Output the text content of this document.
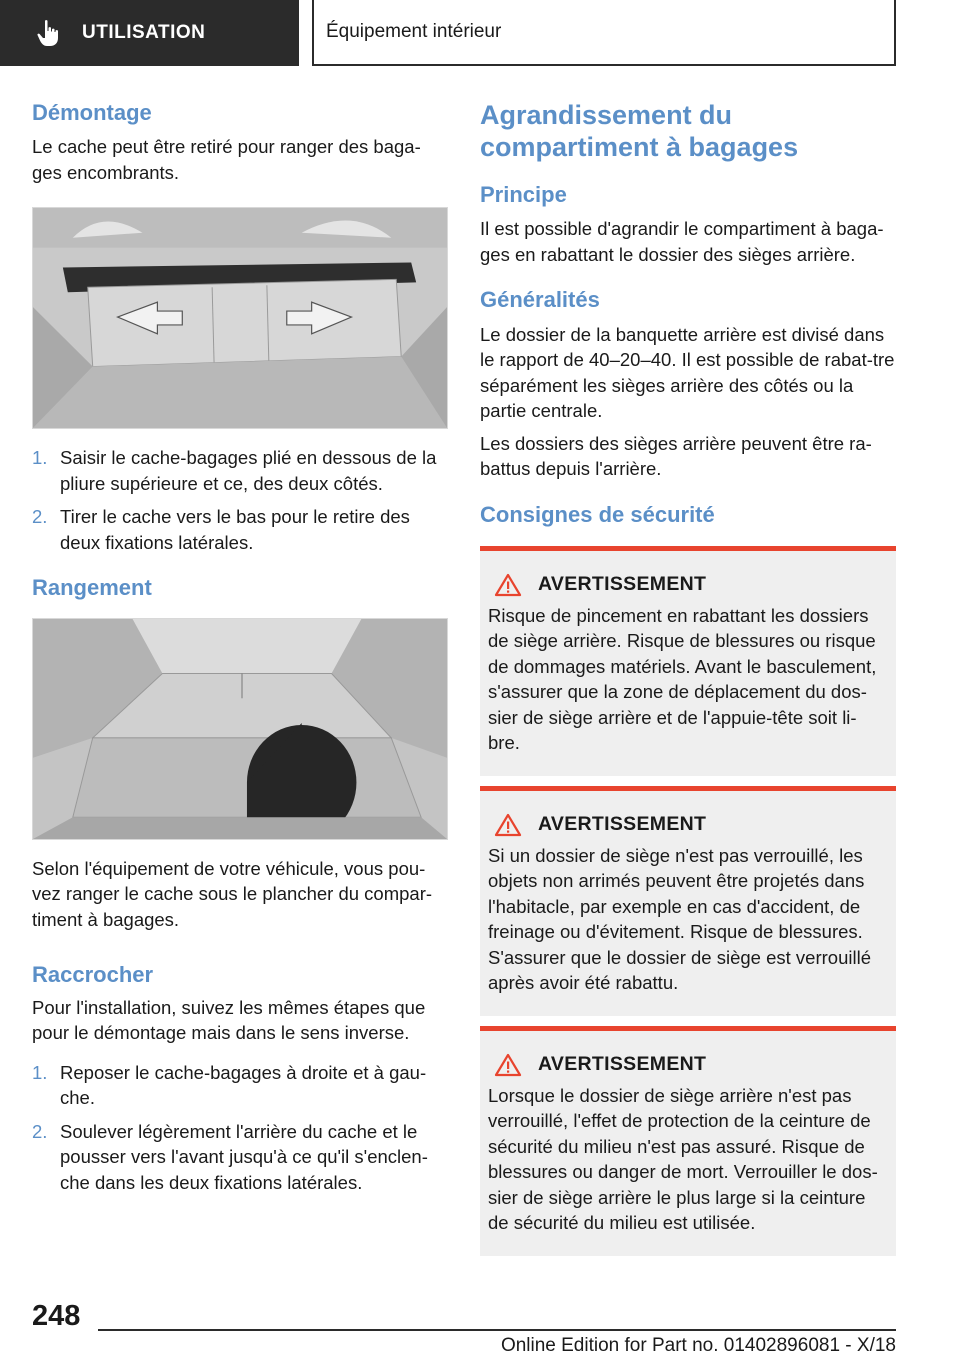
UTILISATION	Équipement intérieur
Démontage

Le cache peut être retiré pour ranger des baga-ges encombrants.

1. Saisir le cache-bagages plié en dessous de la pliure supérieure et ce, des deux côtés.
2. Tirer le cache vers le bas pour le retire des deux fixations latérales.
Rangement

Selon l'équipement de votre véhicule, vous pou-vez ranger le cache sous le plancher du compar-timent à bagages.

Raccrocher

Pour l'installation, suivez les mêmes étapes que pour le démontage mais dans le sens inverse.

1. Reposer le cache-bagages à droite et à gau-che.
2. Soulever légèrement l'arrière du cache et le pousser vers l'avant jusqu'à ce qu'il s'enclen-che dans les deux fixations latérales.
Agrandissement du compartiment à bagages
Principe

Il est possible d'agrandir le compartiment à baga-ges en rabattant le dossier des sièges arrière.

Généralités

Le dossier de la banquette arrière est divisé dans le rapport de 40–20–40. Il est possible de rabat-tre séparément les sièges arrière des côtés ou la partie centrale.

Les dossiers des sièges arrière peuvent être ra-battus depuis l'arrière.

Consignes de sécurité
AVERTISSEMENT

Risque de pincement en rabattant les dossiers de siège arrière. Risque de blessures ou risque de dommages matériels. Avant le basculement, s'assurer que la zone de déplacement du dos-sier de siège arrière et de l'appuie-tête soit li-bre.

AVERTISSEMENT

Si un dossier de siège n'est pas verrouillé, les objets non arrimés peuvent être projetés dans l'habitacle, par exemple en cas d'accident, de freinage ou d'évitement. Risque de blessures. S'assurer que le dossier de siège est verrouillé après avoir été rabattu.

AVERTISSEMENT

Lorsque le dossier de siège arrière n'est pas verrouillé, l'effet de protection de la ceinture de sécurité du milieu n'est pas assuré. Risque de blessures ou danger de mort. Verrouiller le dos-sier de siège arrière le plus large si la ceinture de sécurité du milieu est utilisée.

248
Online Edition for Part no. 01402896081 - X/18
